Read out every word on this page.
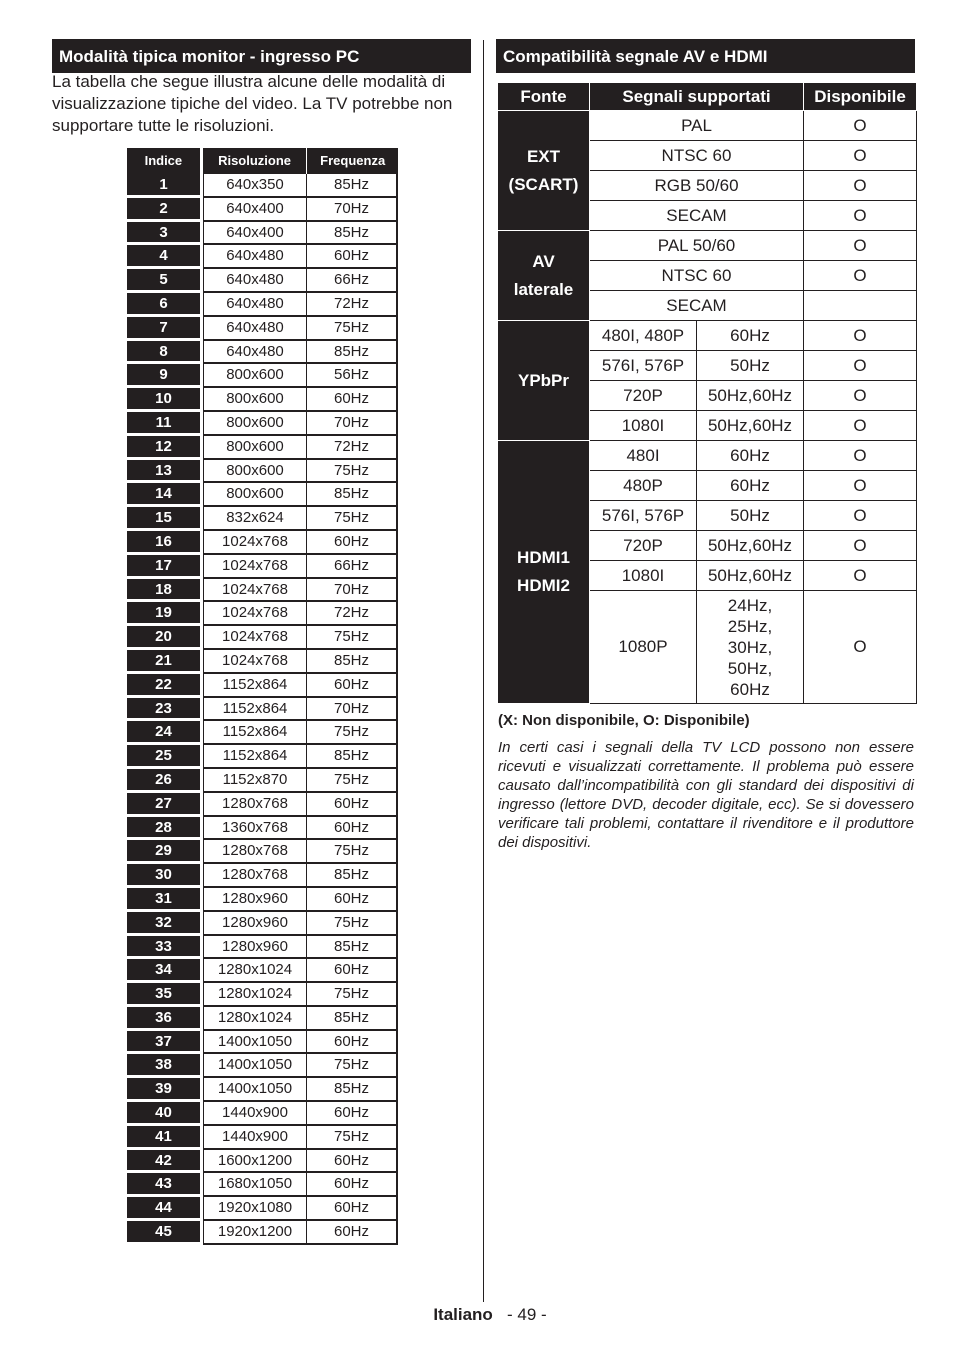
Modalità tipica monitor - ingresso PC
La tabella che segue illustra alcune delle modalità di visualizzazione tipiche del video. La TV potrebbe non supportare tutte le risoluzioni.
Indice	Risoluzione	Frequenza
1	640x350	85Hz
2	640x400	70Hz
3	640x400	85Hz
4	640x480	60Hz
5	640x480	66Hz
6	640x480	72Hz
7	640x480	75Hz
8	640x480	85Hz
9	800x600	56Hz
10	800x600	60Hz
11	800x600	70Hz
12	800x600	72Hz
13	800x600	75Hz
14	800x600	85Hz
15	832x624	75Hz
16	1024x768	60Hz
17	1024x768	66Hz
18	1024x768	70Hz
19	1024x768	72Hz
20	1024x768	75Hz
21	1024x768	85Hz
22	1152x864	60Hz
23	1152x864	70Hz
24	1152x864	75Hz
25	1152x864	85Hz
26	1152x870	75Hz
27	1280x768	60Hz
28	1360x768	60Hz
29	1280x768	75Hz
30	1280x768	85Hz
31	1280x960	60Hz
32	1280x960	75Hz
33	1280x960	85Hz
34	1280x1024	60Hz
35	1280x1024	75Hz
36	1280x1024	85Hz
37	1400x1050	60Hz
38	1400x1050	75Hz
39	1400x1050	85Hz
40	1440x900	60Hz
41	1440x900	75Hz
42	1600x1200	60Hz
43	1680x1050	60Hz
44	1920x1080	60Hz
45	1920x1200	60Hz
Compatibilità segnale AV e HDMI
Fonte	Segnali supportati		Disponibile

EXT
(SCART)	PAL		O
	NTSC 60		O
	RGB 50/60		O
	SECAM		O

AV
laterale	PAL 50/60		O
	NTSC 60		O
	SECAM		

YPbPr	480I, 480P	60Hz	O
	576I, 576P	50Hz	O
	720P	50Hz,60Hz	O
	1080I	50Hz,60Hz	O

HDMI1
HDMI2	480I	60Hz	O
	480P	60Hz	O
	576I, 576P	50Hz	O
	720P	50Hz,60Hz	O
	1080I	50Hz,60Hz	O
	1080P	24Hz,
25Hz,
30Hz,
50Hz,
60Hz	O
(X: Non disponibile, O: Disponibile)
In certi casi i segnali della TV LCD possono non essere ricevuti e visualizzati correttamente. Il problema può essere causato dall’incompatibilità con gli standard dei dispositivi di ingresso (lettore DVD, decoder digitale, ecc). Se si dovessero verificare tali problemi, contattare il rivenditore e il produttore dei dispositivi.
Italiano - 49 -
